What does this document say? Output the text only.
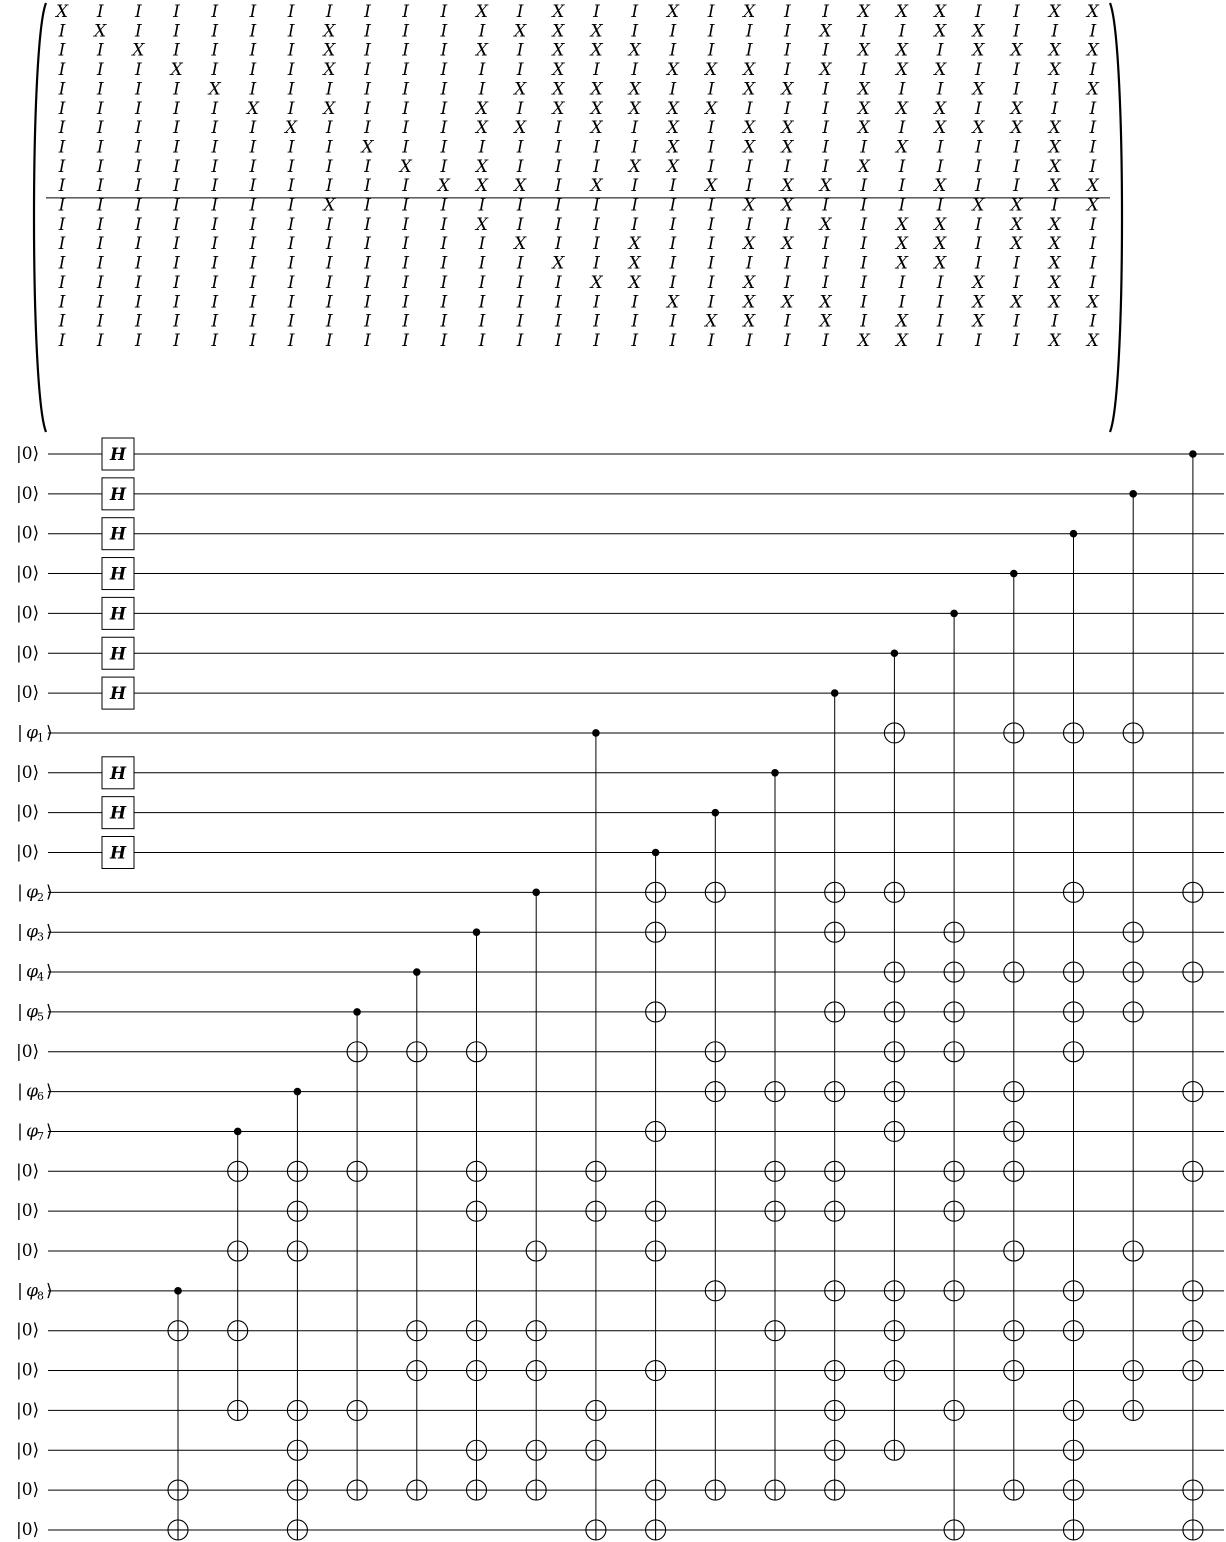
X I I I I I I I I I I X I X I I X I X I I X X X I I X X
I X I I I I I X I I I I X X X I I I I I X I I X X I I I
I I X I I I I X I I I X I X X X I I I I I X X I X X X X
I I I X I I I X I I I I I X I I X X X I X I X X I I X I
I I I I X I I I I I I I X X X X I I X X I X I I X I I X
I I I I I X I X I I I X I X X X X X I I I X X X I X I I
I I I I I I X I I I I X X I X I X I X X I X I X X X X I
I I I I I I I I X I I I I I I I X I X X I I X I I I X I
I I I I I I I I I X I X I I I X X I I I I X I I I I X I
I I I I I I I I I I X X X I X I I X I X X I I X I I X X
I I I I I I I X I I I I I I I I I I X X I I I I X X I X
I I I I I I I I I I I X I I I I I I I I X I X X I X X I
I I I I I I I I I I I I X I I X I I X X I I X X I X X I
I I I I I I I I I I I I I X I X I I I I I I X X I I X I
I I I I I I I I I I I I I I X X I I X I I I I I X I X I
I I I I I I I I I I I I I I I I X I X X X I I I X X X X
I I I I I I I I I I I I I I I I I X X I X I X I X I I I
I I I I I I I I I I I I I I I I I I I I I X X I I I X X
|0⟩
|0⟩
|0⟩
|0⟩
|0⟩
|0⟩
|0⟩
| φ 1 ⟩
|0⟩
|0⟩
|0⟩
| φ 2 ⟩
| φ 3 ⟩
| φ 4 ⟩
| φ 5 ⟩
|0⟩
| φ 6 ⟩
| φ 7 ⟩
|0⟩
|0⟩
|0⟩
| φ 8 ⟩
|0⟩
|0⟩
|0⟩
|0⟩
|0⟩
|0⟩
H
H
H
H
H
H
H
H
H
H
